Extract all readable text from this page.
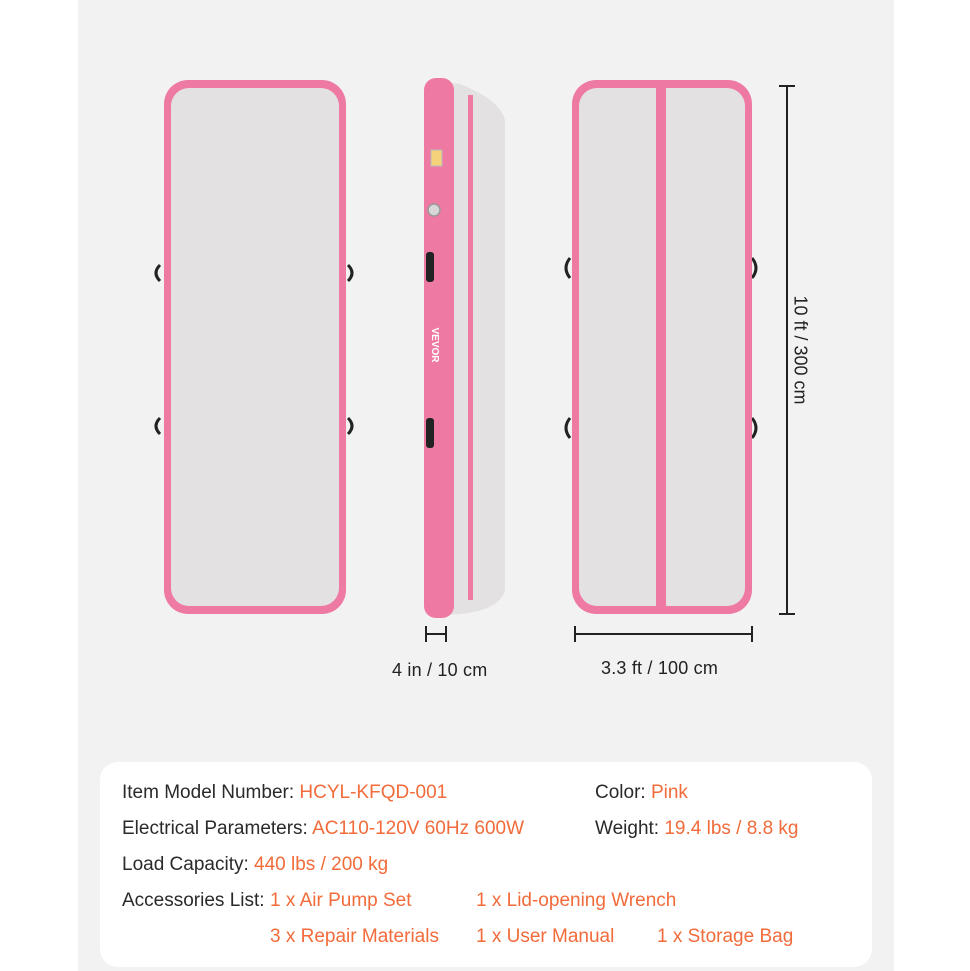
VEVOR
4 in / 10 cm	3.3 ft / 100 cm
10 ft / 300 cm
Item Model Number: HCYL-KFQD-001	Color: Pink
Electrical Parameters: AC110-120V 60Hz 600W	Weight: 19.4 lbs / 8.8 kg
Load Capacity: 440 lbs / 200 kg
Accessories List: 1 x Air Pump Set	1 x Lid-opening Wrench
3 x Repair Materials 1 x User Manual 1 x Storage Bag
